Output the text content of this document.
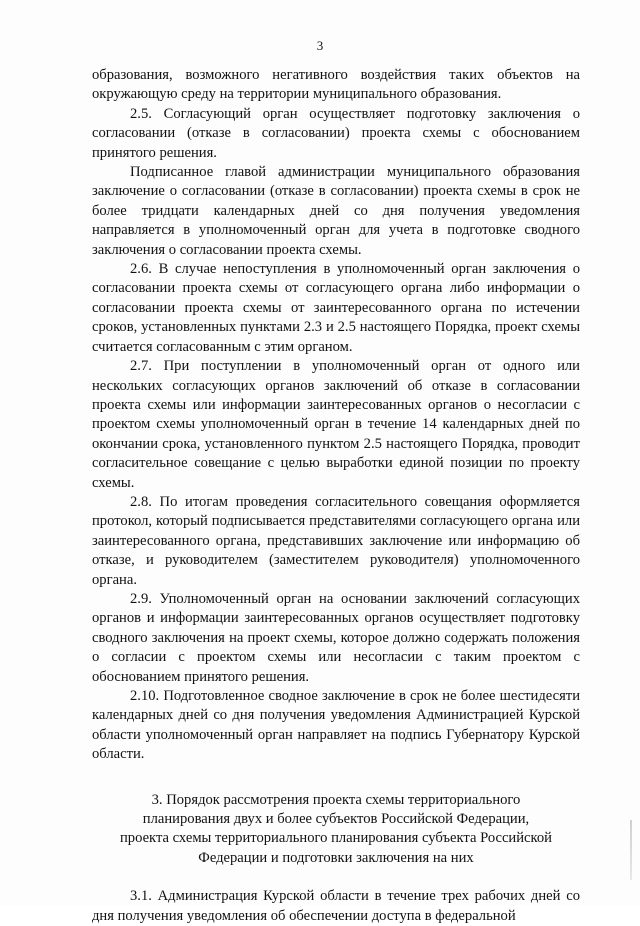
3

образования, возможного негативного воздействия таких объектов на окружающую среду на территории муниципального образования.

2.5. Согласующий орган осуществляет подготовку заключения о согласовании (отказе в согласовании) проекта схемы с обоснованием принятого решения.

Подписанное главой администрации муниципального образования заключение о согласовании (отказе в согласовании) проекта схемы в срок не более тридцати календарных дней со дня получения уведомления направляется в уполномоченный орган для учета в подготовке сводного заключения о согласовании проекта схемы.

2.6. В случае непоступления в уполномоченный орган заключения о согласовании проекта схемы от согласующего органа либо информации о согласовании проекта схемы от заинтересованного органа по истечении сроков, установленных пунктами 2.3 и 2.5 настоящего Порядка, проект схемы считается согласованным с этим органом.

2.7. При поступлении в уполномоченный орган от одного или нескольких согласующих органов заключений об отказе в согласовании проекта схемы или информации заинтересованных органов о несогласии с проектом схемы уполномоченный орган в течение 14 календарных дней по окончании срока, установленного пунктом 2.5 настоящего Порядка, проводит согласительное совещание с целью выработки единой позиции по проекту схемы.

2.8. По итогам проведения согласительного совещания оформляется протокол, который подписывается представителями согласующего органа или заинтересованного органа, представивших заключение или информацию об отказе, и руководителем (заместителем руководителя) уполномоченного органа.

2.9. Уполномоченный орган на основании заключений согласующих органов и информации заинтересованных органов осуществляет подготовку сводного заключения на проект схемы, которое должно содержать положения о согласии с проектом схемы или несогласии с таким проектом с обоснованием принятого решения.

2.10. Подготовленное сводное заключение в срок не более шестидесяти календарных дней со дня получения уведомления Администрацией Курской области уполномоченный орган направляет на подпись Губернатору Курской области.

3. Порядок рассмотрения проекта схемы территориального
планирования двух и более субъектов Российской Федерации,
проекта схемы территориального планирования субъекта Российской
Федерации и подготовки заключения на них

3.1. Администрация Курской области в течение трех рабочих дней со дня получения уведомления об обеспечении доступа в федеральной
